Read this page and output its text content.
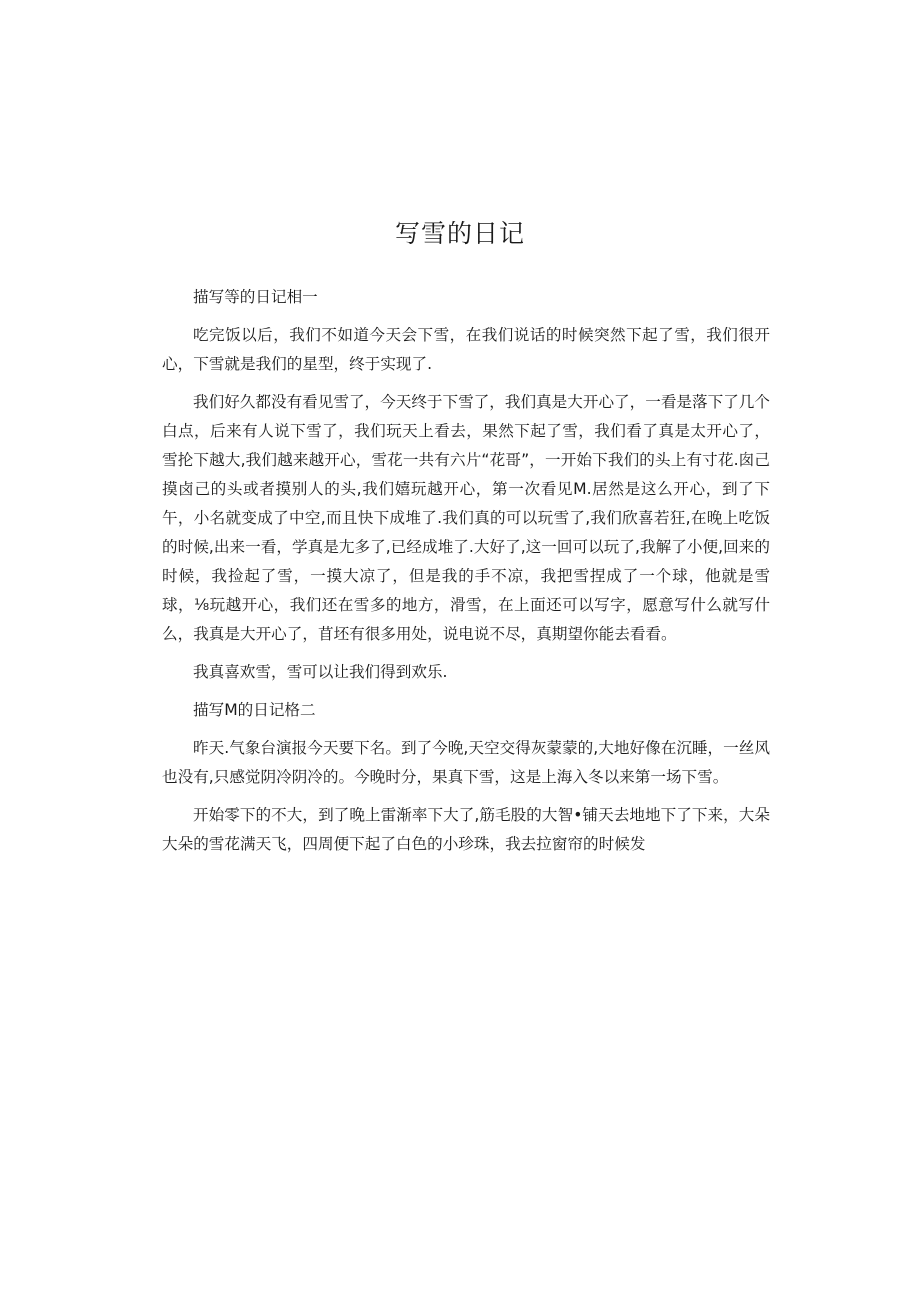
写雪的日记

描写等的日记相一

吃完饭以后，我们不如道今天会下雪，在我们说话的时候突然下起了雪，我们很开心，下雪就是我们的星型，终于实现了.

我们好久都没有看见雪了，今天终于下雪了，我们真是大开心了，一看是落下了几个白点，后来有人说下雪了，我们玩天上看去，果然下起了雪，我们看了真是太开心了，雪抡下越大,我们越来越开心，雪花一共有六片“花哥”，一开始下我们的头上有寸花.囱己摸卤己的头或者摸别人的头,我们嬉玩越开心，第一次看见M.居然是这么开心，到了下午，小名就变成了中空,而且快下成堆了.我们真的可以玩雪了,我们欣喜若狂,在晚上吃饭的时候,出来一看，学真是尢多了,已经成堆了.大好了,这一回可以玩了,我解了小便,回来的时候，我捡起了雪，一摸大凉了，但是我的手不凉，我把雪捏成了一个球，他就是雪球，⅛玩越开心，我们还在雪多的地方，滑雪，在上面还可以写字，愿意写什么就写什么，我真是大开心了，苜坯有很多用处，说电说不尽，真期望你能去看看。

我真喜欢雪，雪可以让我们得到欢乐.

描写M的日记格二

昨天.气象台演报今天要下名。到了今晚,天空交得灰蒙蒙的,大地好像在沉睡，一丝风也没有,只感觉阴冷阴冷的。今晚时分，果真下雪，这是上海入冬以来第一场下雪。

开始零下的不大，到了晚上雷渐率下大了,筋毛股的大智•铺天去地地下了下来，大朵大朵的雪花满天飞，四周便下起了白色的小珍珠，我去拉窗帘的时候发
